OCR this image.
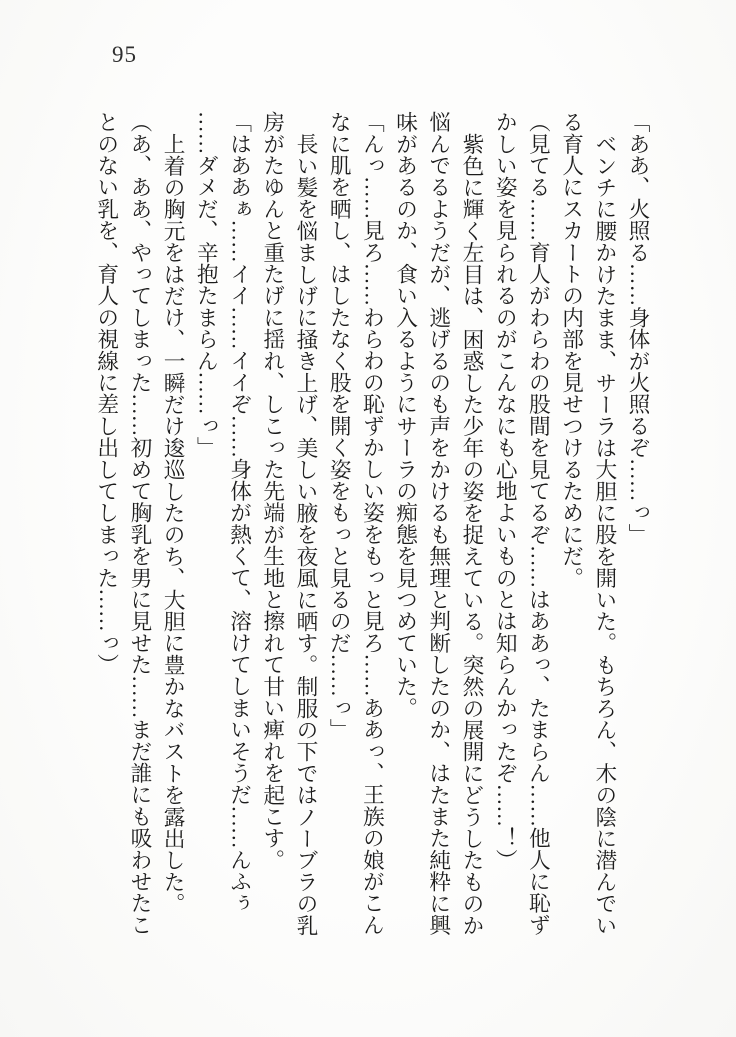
95
「ああ、火照る……身体が火照るぞ……っ」
ベンチに腰かけたまま、サーラは大胆に股を開いた。もちろん、木の陰に潜んでい
る育人にスカートの内部を見せつけるためにだ。
（見てる……育人がわらわの股間を見てるぞ……はああっ、たまらん……他人に恥ず
かしい姿を見られるのがこんなにも心地よいものとは知らんかったぞ……！）
紫色に輝く左目は、困惑した少年の姿を捉えている。突然の展開にどうしたものか
悩んでるようだが、逃げるのも声をかけるも無理と判断したのか、はたまた純粋に興
味があるのか、食い入るようにサーラの痴態を見つめていた。
「んっ……見ろ……わらわの恥ずかしい姿をもっと見ろ……ああっ、王族の娘がこん
なに肌を晒し、はしたなく股を開く姿をもっと見るのだ……っ」
長い髪を悩ましげに掻き上げ、美しい腋を夜風に晒す。制服の下ではノーブラの乳
房がたゆんと重たげに揺れ、しこった先端が生地と擦れて甘い痺れを起こす。
「はああぁ……イイ……イイぞ……身体が熱くて、溶けてしまいそうだ……んふぅ
……ダメだ、辛抱たまらん……っ」
上着の胸元をはだけ、一瞬だけ逡巡したのち、大胆に豊かなバストを露出した。
（あ、ああ、やってしまった……初めて胸乳を男に見せた……まだ誰にも吸わせたこ
とのない乳を、育人の視線に差し出してしまった……っ）
